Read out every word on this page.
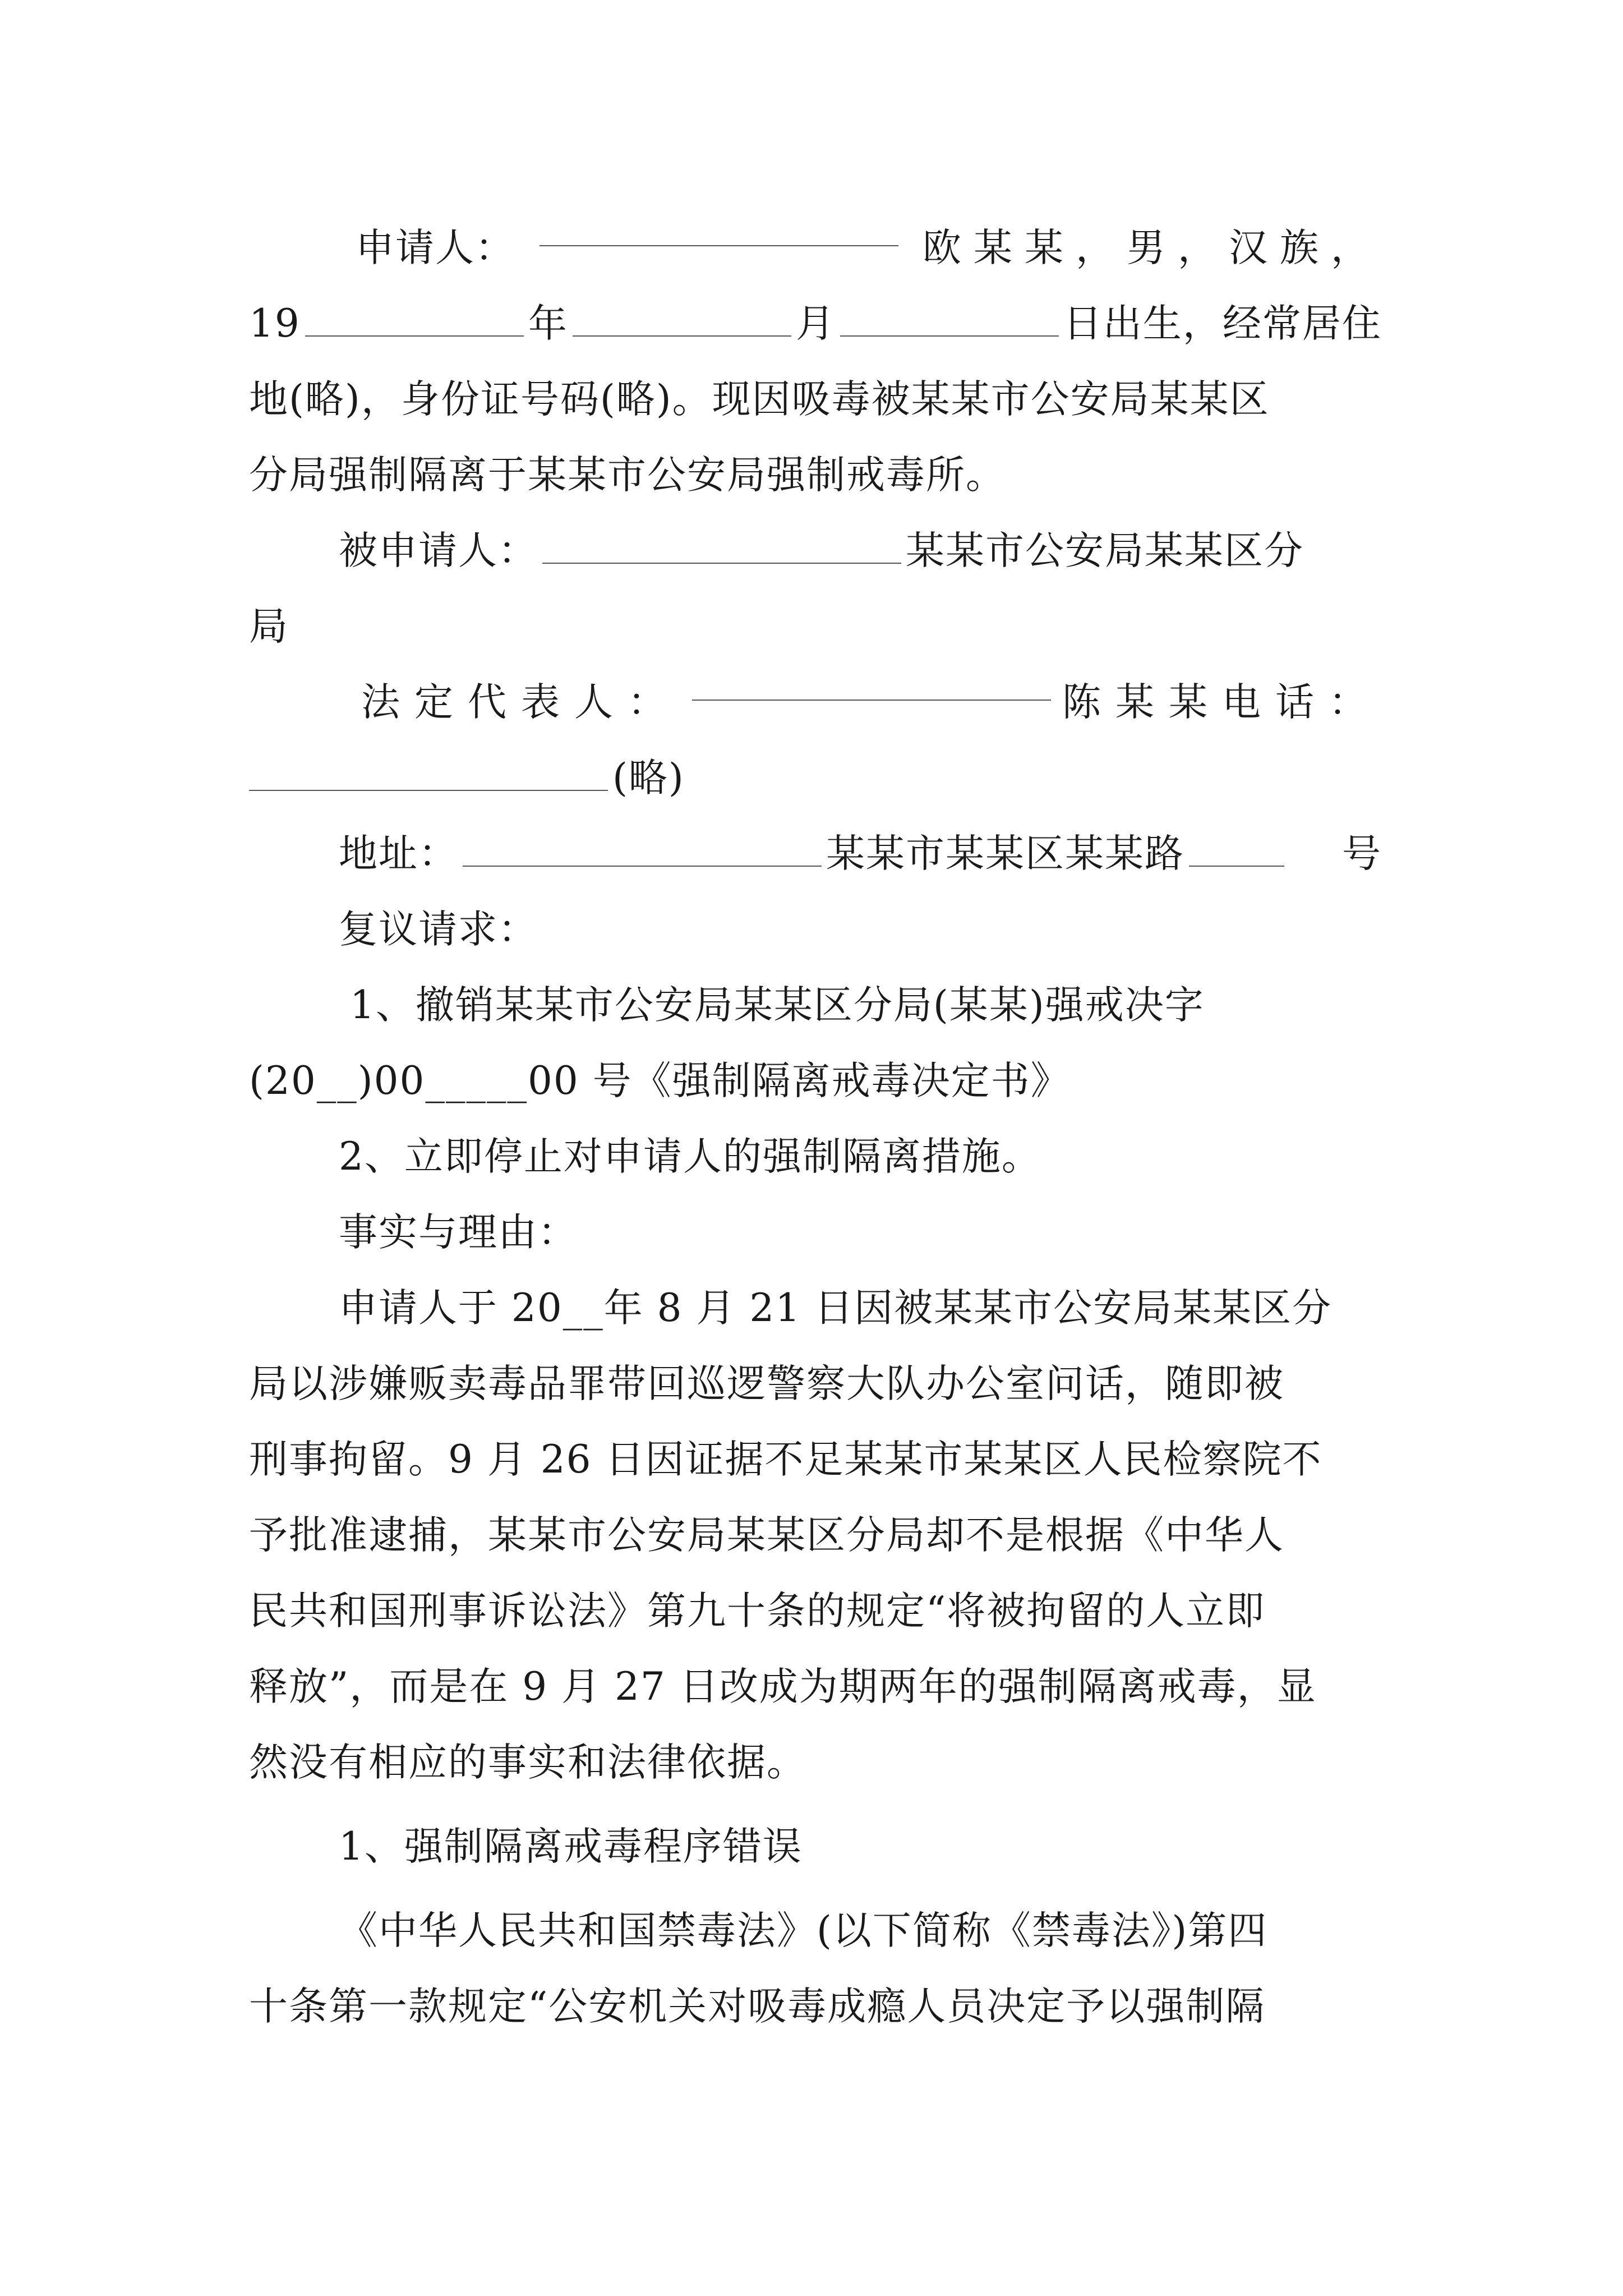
申请人：	欧某某，男，汉族，
19	年	月	日出生，经常居住
地(略)，身份证号码(略)。现因吸毒被某某市公安局某某区
分局强制隔离于某某市公安局强制戒毒所。
被申请人：	某某市公安局某某区分
局
法定代表人：	陈某某电话：
(略)
地址：	某某市某某区某某路	号
复议请求：
1、撤销某某市公安局某某区分局(某某)强戒决字
(20__)00_____00 号《强制隔离戒毒决定书》
2、立即停止对申请人的强制隔离措施。
事实与理由：
申请人于 20__年 8 月 21 日因被某某市公安局某某区分
局以涉嫌贩卖毒品罪带回巡逻警察大队办公室问话，随即被
刑事拘留。9 月 26 日因证据不足某某市某某区人民检察院不
予批准逮捕，某某市公安局某某区分局却不是根据《中华人
民共和国刑事诉讼法》第九十条的规定“将被拘留的人立即
释放”，而是在 9 月 27 日改成为期两年的强制隔离戒毒，显
然没有相应的事实和法律依据。
1、强制隔离戒毒程序错误
《中华人民共和国禁毒法》(以下简称《禁毒法》)第四
十条第一款规定“公安机关对吸毒成瘾人员决定予以强制隔
